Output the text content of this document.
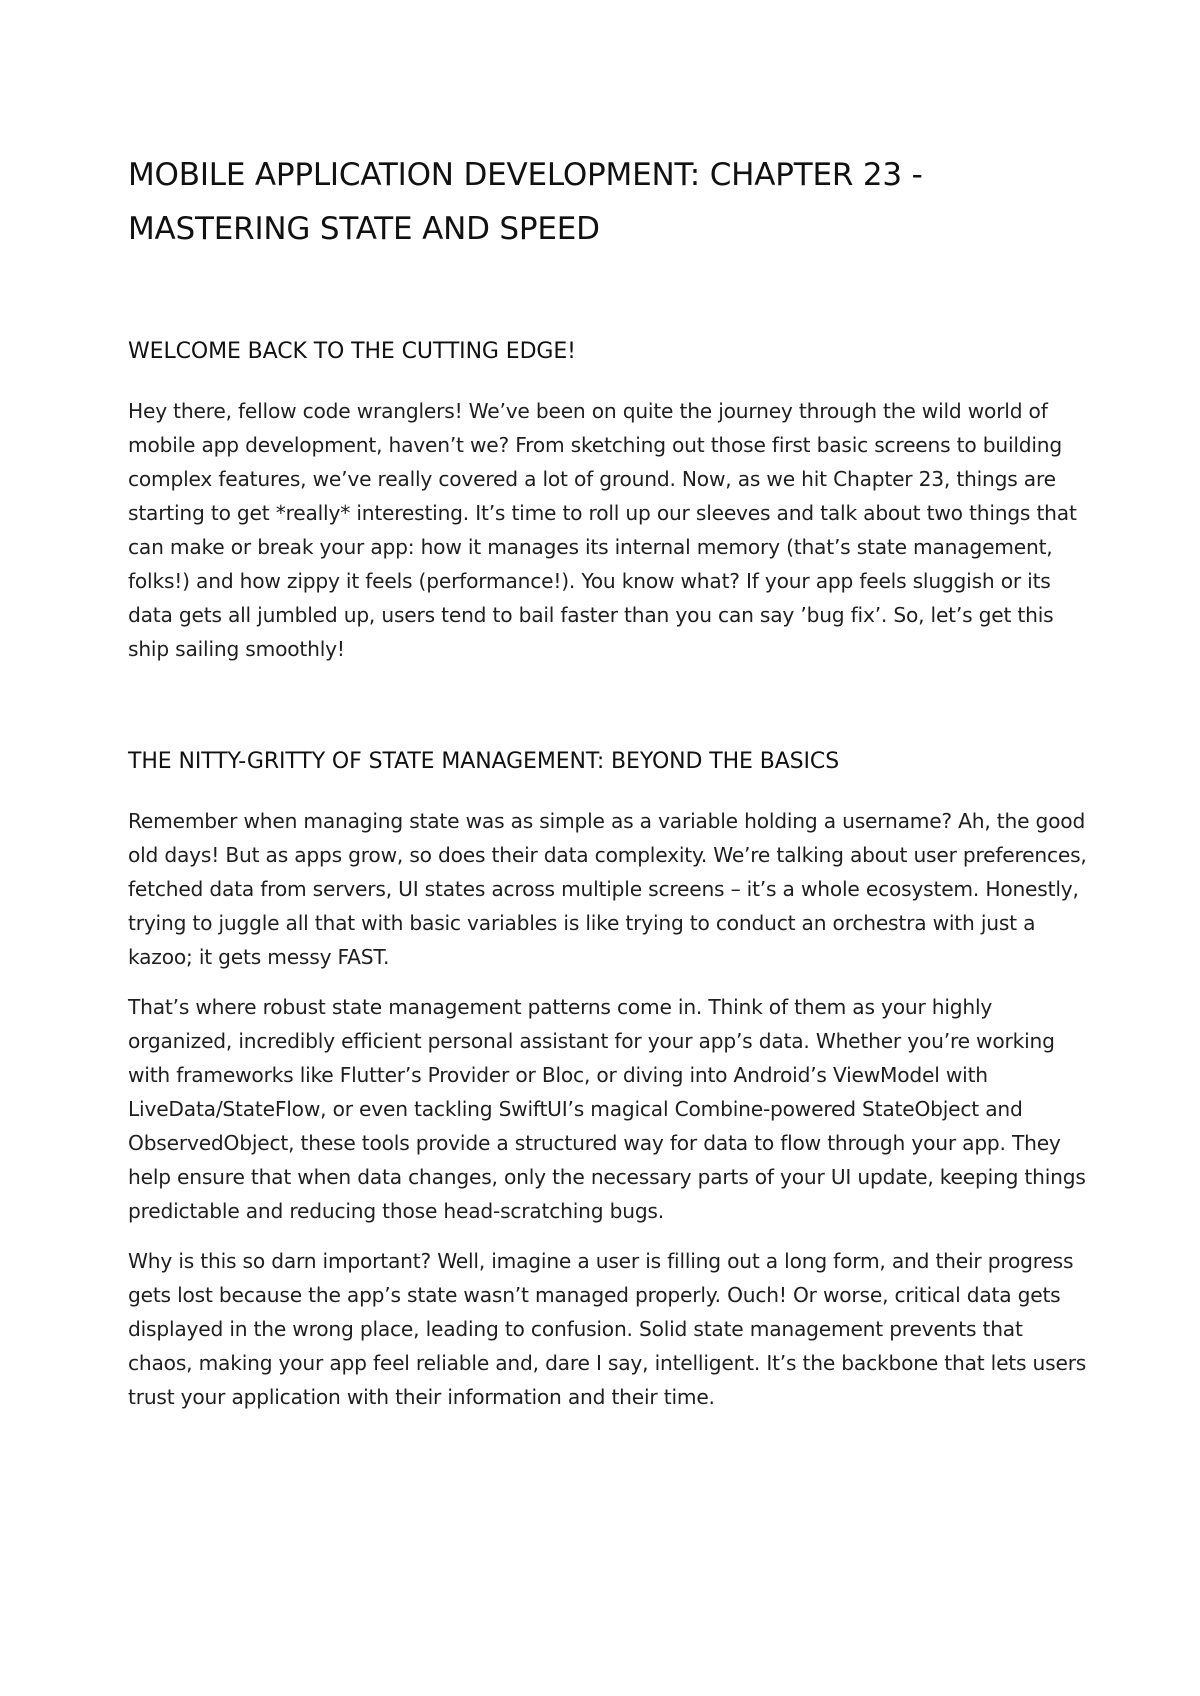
MOBILE APPLICATION DEVELOPMENT: CHAPTER 23 - MASTERING STATE AND SPEED
WELCOME BACK TO THE CUTTING EDGE!

Hey there, fellow code wranglers! We’ve been on quite the journey through the wild world of mobile app development, haven’t we? From sketching out those first basic screens to building complex features, we’ve really covered a lot of ground. Now, as we hit Chapter 23, things are starting to get *really* interesting. It’s time to roll up our sleeves and talk about two things that can make or break your app: how it manages its internal memory (that’s state management, folks!) and how zippy it feels (performance!). You know what? If your app feels sluggish or its data gets all jumbled up, users tend to bail faster than you can say ’bug fix’. So, let’s get this ship sailing smoothly!

THE NITTY-GRITTY OF STATE MANAGEMENT: BEYOND THE BASICS

Remember when managing state was as simple as a variable holding a username? Ah, the good old days! But as apps grow, so does their data complexity. We’re talking about user preferences, fetched data from servers, UI states across multiple screens – it’s a whole ecosystem. Honestly, trying to juggle all that with basic variables is like trying to conduct an orchestra with just a kazoo; it gets messy FAST.

That’s where robust state management patterns come in. Think of them as your highly organized, incredibly efficient personal assistant for your app’s data. Whether you’re working with frameworks like Flutter’s Provider or Bloc, or diving into Android’s ViewModel with LiveData/StateFlow, or even tackling SwiftUI’s magical Combine-powered StateObject and ObservedObject, these tools provide a structured way for data to flow through your app. They help ensure that when data changes, only the necessary parts of your UI update, keeping things predictable and reducing those head-scratching bugs.

Why is this so darn important? Well, imagine a user is filling out a long form, and their progress gets lost because the app’s state wasn’t managed properly. Ouch! Or worse, critical data gets displayed in the wrong place, leading to confusion. Solid state management prevents that chaos, making your app feel reliable and, dare I say, intelligent. It’s the backbone that lets users trust your application with their information and their time.
